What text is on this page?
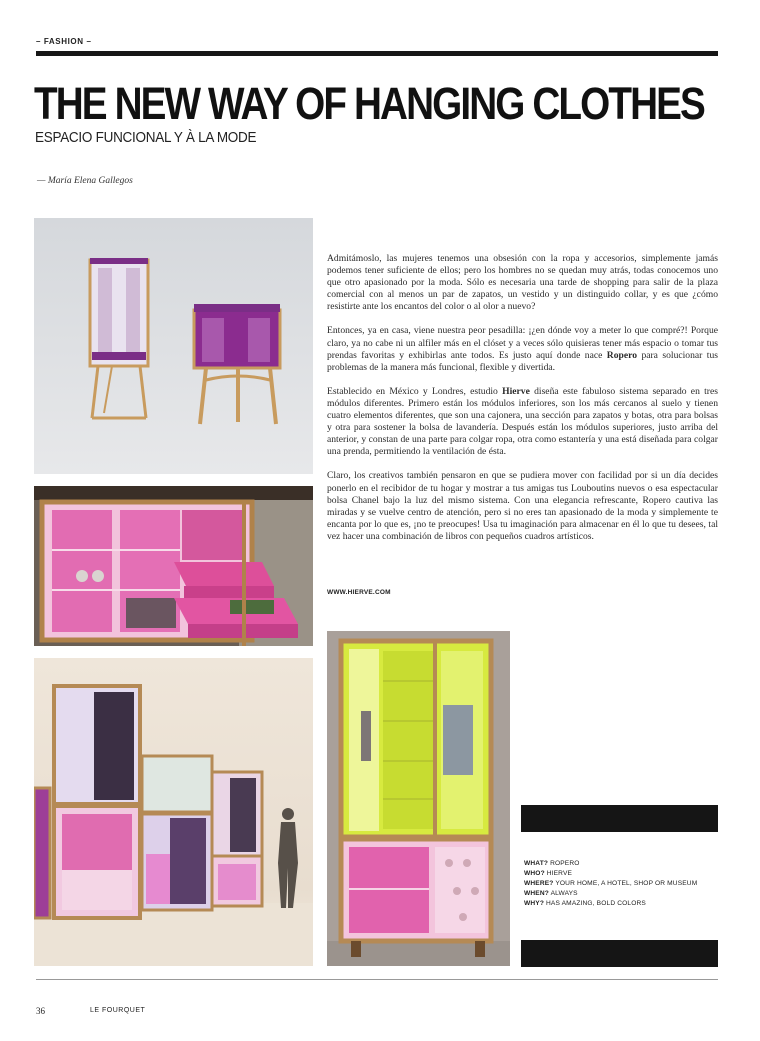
– FASHION –
THE NEW WAY OF HANGING CLOTHES
ESPACIO FUNCIONAL Y À LA MODE
— María Elena Gallegos

Admitámoslo, las mujeres tenemos una obsesión con la ropa y accesorios, simplemente jamás podemos tener suficiente de ellos; pero los hombres no se quedan muy atrás, todas conocemos uno que otro apasionado por la moda. Sólo es necesaria una tarde de shopping para salir de la plaza comercial con al menos un par de zapatos, un vestido y un distinguido collar, y es que ¿cómo resistirte ante los encantos del color o al olor a nuevo?

Entonces, ya en casa, viene nuestra peor pesadilla: ¡¿en dónde voy a meter lo que compré?! Porque claro, ya no cabe ni un alfiler más en el clóset y a veces sólo quisieras tener más espacio o tomar tus prendas favoritas y exhibirlas ante todos. Es justo aquí donde nace Ropero para solucionar tus problemas de la manera más funcional, flexible y divertida.

Establecido en México y Londres, estudio Hierve diseña este fabuloso sistema separado en tres módulos diferentes. Primero están los módulos inferiores, son los más cercanos al suelo y tienen cuatro elementos diferentes, que son una cajonera, una sección para zapatos y botas, otra para bolsas y otra para sostener la bolsa de lavandería. Después están los módulos superiores, justo arriba del anterior, y constan de una parte para colgar ropa, otra como estantería y una está diseñada para colgar una prenda, permitiendo la ventilación de ésta.

Claro, los creativos también pensaron en que se pudiera mover con facilidad por si un día decides ponerlo en el recibidor de tu hogar y mostrar a tus amigas tus Louboutins nuevos o esa espectacular bolsa Chanel bajo la luz del mismo sistema. Con una elegancia refrescante, Ropero cautiva las miradas y se vuelve centro de atención, pero si no eres tan apasionado de la moda y simplemente te encanta por lo que es, ¡no te preocupes! Usa tu imaginación para almacenar en él lo que tu desees, tal vez hacer una combinación de libros con pequeños cuadros artísticos.

WWW.HIERVE.COM
WHAT? ROPERO
WHO? HIERVE
WHERE? YOUR HOME, A HOTEL, SHOP OR MUSEUM
WHEN? ALWAYS
WHY? HAS AMAZING, BOLD COLORS
36	LE FOURQUET
